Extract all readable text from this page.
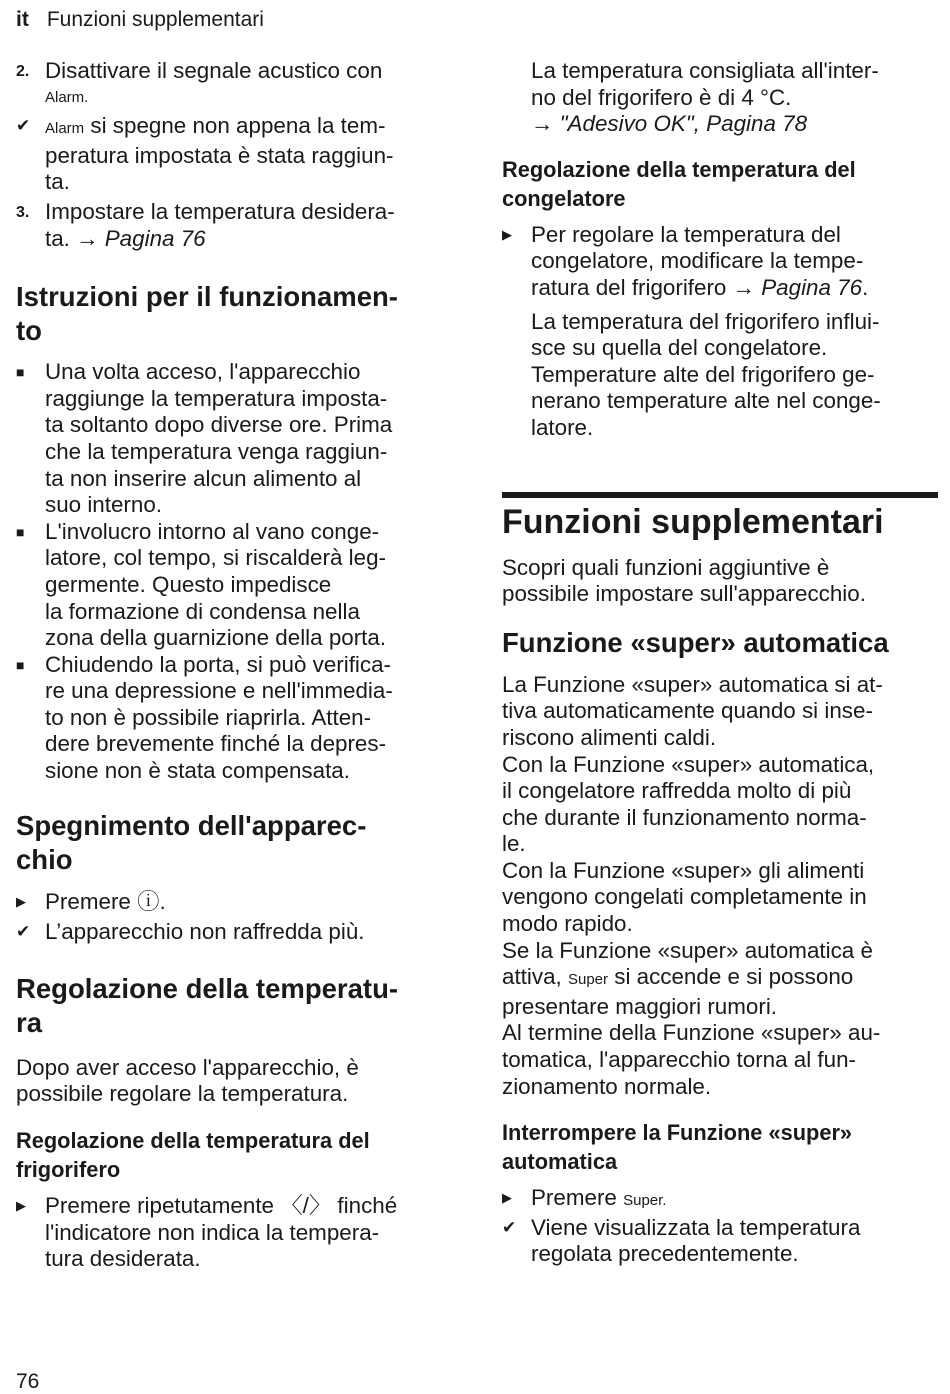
it Funzioni supplementari
2. Disattivare il segnale acustico con
Alarm.
✔ Alarm si spegne non appena la tem-
peratura impostata è stata raggiun-
ta.
3. Impostare la temperatura desidera-
ta. → Pagina 76
Istruzioni per il funzionamen-
to
■ Una volta acceso, l'apparecchio
raggiunge la temperatura imposta-
ta soltanto dopo diverse ore. Prima
che la temperatura venga raggiun-
ta non inserire alcun alimento al
suo interno.
■ L'involucro intorno al vano conge-
latore, col tempo, si riscalderà leg-
germente. Questo impedisce
la formazione di condensa nella
zona della guarnizione della porta.
■ Chiudendo la porta, si può verifica-
re una depressione e nell'immedia-
to non è possibile riaprirla. Atten-
dere brevemente finché la depres-
sione non è stata compensata.
Spegnimento dell'apparec-
chio
▶ Premere ⓘ.
✔ L’apparecchio non raffredda più.
Regolazione della temperatu-
ra
Dopo aver acceso l'apparecchio, è
possibile regolare la temperatura.
Regolazione della temperatura del
frigorifero
▶ Premere ripetutamente 〈/〉 finché
l'indicatore non indica la tempera-
tura desiderata.
La temperatura consigliata all'inter-
no del frigorifero è di 4 °C.
→ "Adesivo OK", Pagina 78
Regolazione della temperatura del
congelatore
▶ Per regolare la temperatura del
congelatore, modificare la tempe-
ratura del frigorifero → Pagina 76.
La temperatura del frigorifero influi-
sce su quella del congelatore.
Temperature alte del frigorifero ge-
nerano temperature alte nel conge-
latore.
Funzioni supplementari
Scopri quali funzioni aggiuntive è
possibile impostare sull'apparecchio.
Funzione «super» automatica
La Funzione «super» automatica si at-
tiva automaticamente quando si inse-
riscono alimenti caldi.
Con la Funzione «super» automatica,
il congelatore raffredda molto di più
che durante il funzionamento norma-
le.
Con la Funzione «super» gli alimenti
vengono congelati completamente in
modo rapido.
Se la Funzione «super» automatica è
attiva, Super si accende e si possono
presentare maggiori rumori.
Al termine della Funzione «super» au-
tomatica, l'apparecchio torna al fun-
zionamento normale.
Interrompere la Funzione «super»
automatica
▶ Premere Super.
✔ Viene visualizzata la temperatura
regolata precedentemente.
76
